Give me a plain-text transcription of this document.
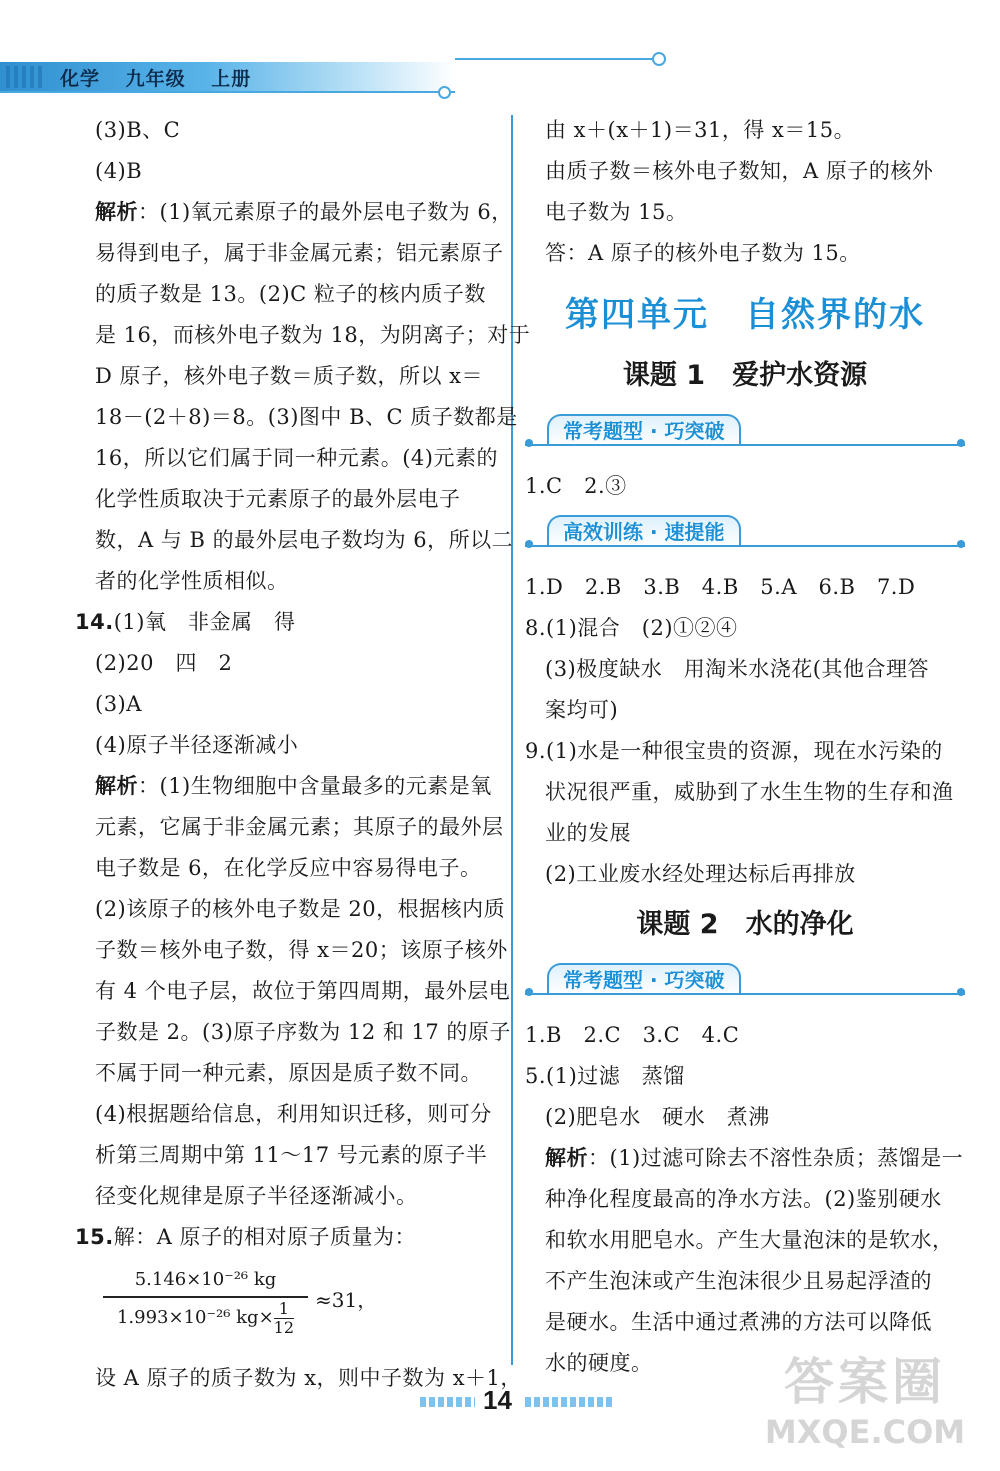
化学 九年级 上册
(3)B、C
(4)B
解析：(1)氧元素原子的最外层电子数为 6，
易得到电子，属于非金属元素；铝元素原子
的质子数是 13。(2)C 粒子的核内质子数
是 16，而核外电子数为 18，为阴离子；对于
D 原子，核外电子数＝质子数，所以 x＝
18－(2＋8)＝8。(3)图中 B、C 质子数都是
16，所以它们属于同一种元素。(4)元素的
化学性质取决于元素原子的最外层电子
数，A 与 B 的最外层电子数均为 6，所以二
者的化学性质相似。
14.(1)氧　非金属　得
(2)20　四　2
(3)A
(4)原子半径逐渐减小
解析：(1)生物细胞中含量最多的元素是氧
元素，它属于非金属元素；其原子的最外层
电子数是 6，在化学反应中容易得电子。
(2)该原子的核外电子数是 20，根据核内质
子数＝核外电子数，得 x＝20；该原子核外
有 4 个电子层，故位于第四周期，最外层电
子数是 2。(3)原子序数为 12 和 17 的原子
不属于同一种元素，原因是质子数不同。
(4)根据题给信息，利用知识迁移，则可分
析第三周期中第 11～17 号元素的原子半
径变化规律是原子半径逐渐减小。
15.解：A 原子的相对原子质量为：
$\frac{\text{5.146×10⁻²⁶ kg}}{1.993\times 10^{-26} kg\times \frac{1}{12}} \approx 31$，
设 A 原子的质子数为 x，则中子数为 x＋1，
由 x＋(x＋1)＝31，得 x＝15。
由质子数＝核外电子数知，A 原子的核外
电子数为 15。
答：A 原子的核外电子数为 15。
第四单元　自然界的水
课题 1　爱护水资源
常考题型 · 巧突破
1.C　2.③
高效训练 · 速提能
1.D　2.B　3.B　4.B　5.A　6.B　7.D
8.(1)混合　(2)①②④
(3)极度缺水　用淘米水浇花(其他合理答
案均可)
9.(1)水是一种很宝贵的资源，现在水污染的
状况很严重，威胁到了水生生物的生存和渔
业的发展
(2)工业废水经处理达标后再排放
课题 2　水的净化
常考题型 · 巧突破
1.B　2.C　3.C　4.C
5.(1)过滤　蒸馏
(2)肥皂水　硬水　煮沸
解析：(1)过滤可除去不溶性杂质；蒸馏是一
种净化程度最高的净水方法。(2)鉴别硬水
和软水用肥皂水。产生大量泡沫的是软水，
不产生泡沫或产生泡沫很少且易起浮渣的
是硬水。生活中通过煮沸的方法可以降低
水的硬度。
14	答案圈
MXQE.COM
